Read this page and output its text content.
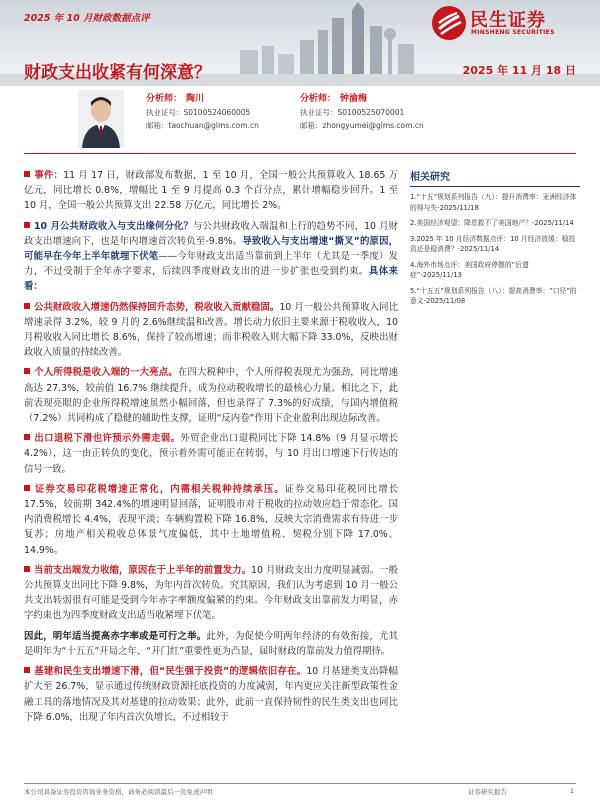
2025 年 10 月财政数据点评
财政支出收紧有何深意？	2025 年 11 月 18 日
民生证券
MINSHENG SECURITIES
分析师： 陶川
执业证号：S0100524060005
邮箱：taochuan@glms.com.cn
分析师： 钟渝梅
执业证号：S0100525070001
邮箱：zhongyumei@glms.com.cn
事件：11 月 17 日，财政部发布数据，1 至 10 月，全国一般公共预算收入 18.65 万亿元，同比增长 0.8%，增幅比 1 至 9 月提高 0.3 个百分点，累计增幅稳步回升。1 至 10 月，全国一般公共预算支出 22.58 万亿元，同比增长 2%。
10 月公共财政收入与支出缘何分化？与公共财政收入端温和上行的趋势不同，10 月财政支出增速向下，也是年内增速首次转负至-9.8%。导致收入与支出增速“撕叉”的原因，可能早在今年上半年就埋下伏笔——今年财政支出适当靠前到上半年（尤其是一季度）发力，不过受制于全年赤字要求，后续四季度财政支出的进一步扩张也受到约束。具体来看：
公共财政收入增速仍然保持回升态势，税收收入贡献稳固。10 月一般公共预算收入同比增速录得 3.2%，较 9 月的 2.6%继续温和改善。增长动力依旧主要来源于税收收入，10 月税收收入同比增长 8.6%，保持了较高增速；而非税收入则大幅下降 33.0%，反映出财政收入质量的持续改善。
个人所得税是收入端的一大亮点。在四大税种中，个人所得税表现尤为强劲，同比增速高达 27.3%，较前值 16.7% 继续提升，成为拉动税收增长的最核心力量。相比之下，此前表现亮眼的企业所得税增速虽然小幅回落，但也录得了 7.3%的好成绩，与国内增值税（7.2%）共同构成了稳健的辅助性支撑，证明“反内卷”作用下企业盈利出现边际改善。
出口退税下滑也许预示外需走弱。外贸企业出口退税同比下降 14.8%（9 月显示增长 4.2%），这一由正转负的变化，预示着外需可能正在转弱，与 10 月出口增速下行传达的信号一致。
证券交易印花税增速正常化，内需相关税种持续承压。证券交易印花税同比增长 17.5%，较前期 342.4%的增速明显回落，证明股市对于税收的拉动效应趋于常态化。国内消费税增长 4.4%，表现平淡；车辆购置税下降 16.8%，反映大宗消费需求有待进一步复苏；房地产相关税收总体景气度偏低，其中土地增值税、契税分别下降 17.0%、14.9%。
当前支出端发力收缩，原因在于上半年的前置发力。10 月财政支出力度明显减弱。一般公共预算支出同比下降 9.8%，为年内首次转负。究其原因，我们认为考虑到 10 月一般公共支出转弱很有可能是受到今年赤字率额度偏紧的约束。今年财政支出靠前发力明显，赤字约束也为四季度财政支出适当收紧埋下伏笔。
因此，明年适当提高赤字率或是可行之举。此外，为促使今明两年经济的有效衔接，尤其是明年为“十五五”开局之年、“开门红”重要性更为凸显，届时财政的靠前发力值得期待。
基建和民生支出增速下滑，但“民生强于投资”的逻辑依旧存在。10 月基建类支出降幅扩大至 26.7%，显示通过传统财政资源托底投资的力度减弱，年内更应关注新型政策性金融工具的落地情况及其对基建的拉动效果；此外，此前一直保持韧性的民生类支出也同比下降 6.0%，出现了年内首次负增长，不过相较于
相关研究
1.“十五”规划系列报告（九）：提升消费率：亚洲经济体的得与失-2025/11/18
2.美国经济观望：降息救不了美国地产？-2025/11/14
3.2025 年 10 月经济数据点评：10 月经济放缓：稳投资还是稳消费？-2025/11/14
4.海外市场点评：美国政府停摆的“后遗症”-2025/11/13
5.“十五五”规划系列报告（八）：提高消费率：“口径”的意义-2025/11/08
本公司具备证券投资咨询业务资格，请务必阅读最后一页免责声明	证券研究报告	1
